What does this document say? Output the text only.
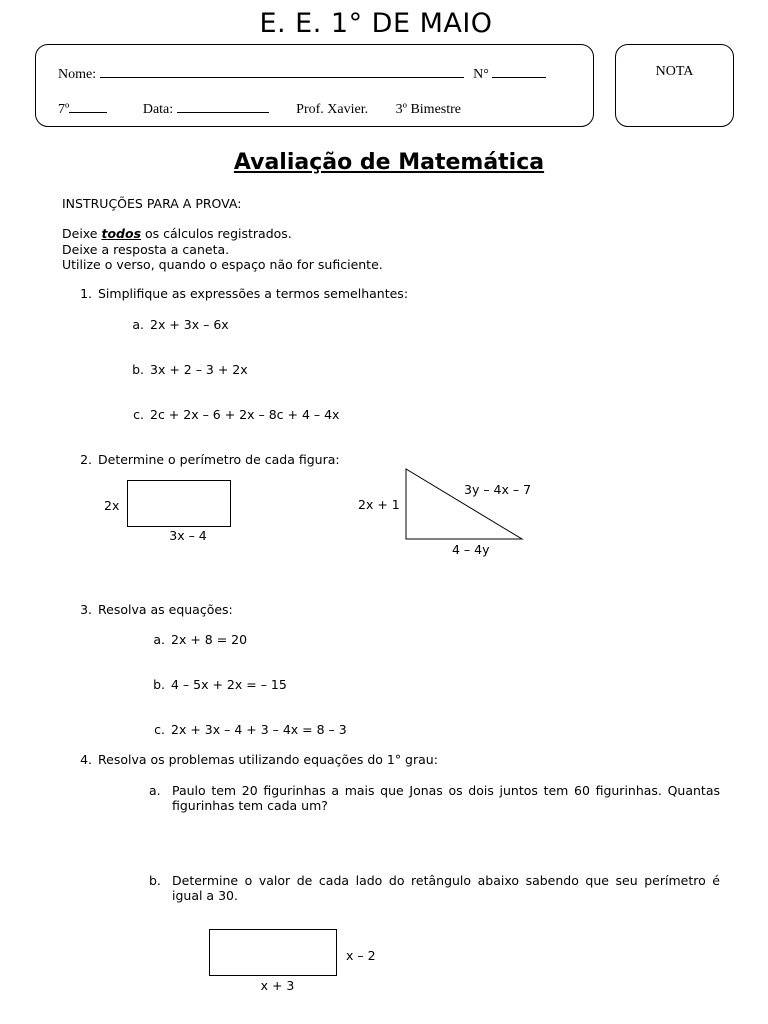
E. E. 1° DE MAIO
Nome:	N°
7º	Data:	Prof. Xavier. 3º Bimestre
NOTA
Avaliação de Matemática
INSTRUÇÕES PARA A PROVA:
Deixe todos os cálculos registrados.
Deixe a resposta a caneta.
Utilize o verso, quando o espaço não for suficiente.
1. Simplifique as expressões a termos semelhantes:
a. 2x + 3x – 6x
b. 3x + 2 – 3 + 2x
c. 2c + 2x – 6 + 2x – 8c + 4 – 4x
2. Determine o perímetro de cada figura:
2x
3x – 4
2x + 1
3y – 4x – 7
4 – 4y
3. Resolva as equações:
a. 2x + 8 = 20
b. 4 – 5x + 2x = – 15
c. 2x + 3x – 4 + 3 – 4x = 8 – 3
4. Resolva os problemas utilizando equações do 1° grau:
a. Paulo tem 20 figurinhas a mais que Jonas os dois juntos tem 60 figurinhas. Quantas figurinhas tem cada um?
b. Determine o valor de cada lado do retângulo abaixo sabendo que seu perímetro é igual a 30.
x – 2
x + 3
